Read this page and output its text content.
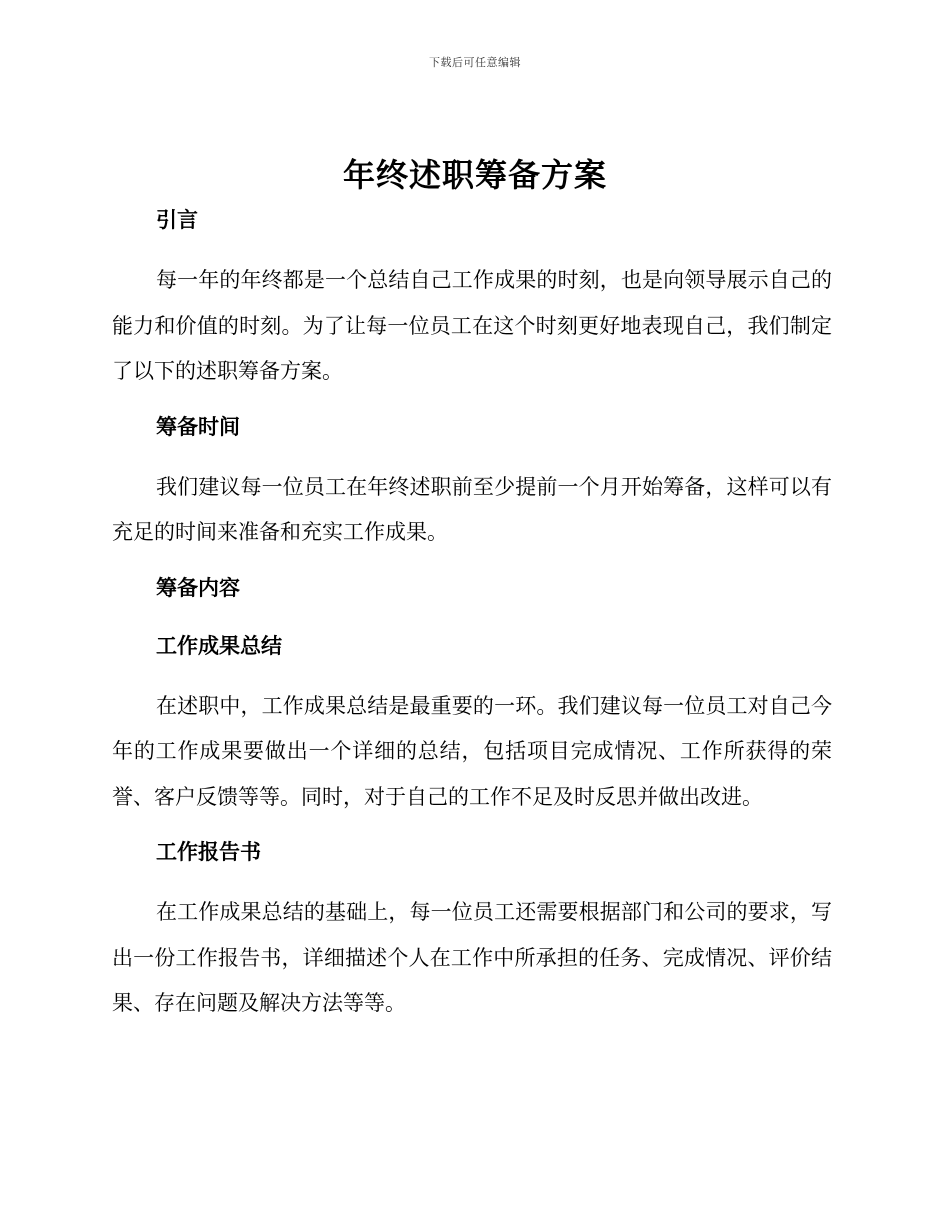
下载后可任意编辑
年终述职筹备方案
引言

每一年的年终都是一个总结自己工作成果的时刻，也是向领导展示自己的能力和价值的时刻。为了让每一位员工在这个时刻更好地表现自己，我们制定了以下的述职筹备方案。

筹备时间

我们建议每一位员工在年终述职前至少提前一个月开始筹备，这样可以有充足的时间来准备和充实工作成果。

筹备内容
工作成果总结

在述职中，工作成果总结是最重要的一环。我们建议每一位员工对自己今年的工作成果要做出一个详细的总结，包括项目完成情况、工作所获得的荣誉、客户反馈等等。同时，对于自己的工作不足及时反思并做出改进。

工作报告书

在工作成果总结的基础上，每一位员工还需要根据部门和公司的要求，写出一份工作报告书，详细描述个人在工作中所承担的任务、完成情况、评价结果、存在问题及解决方法等等。
